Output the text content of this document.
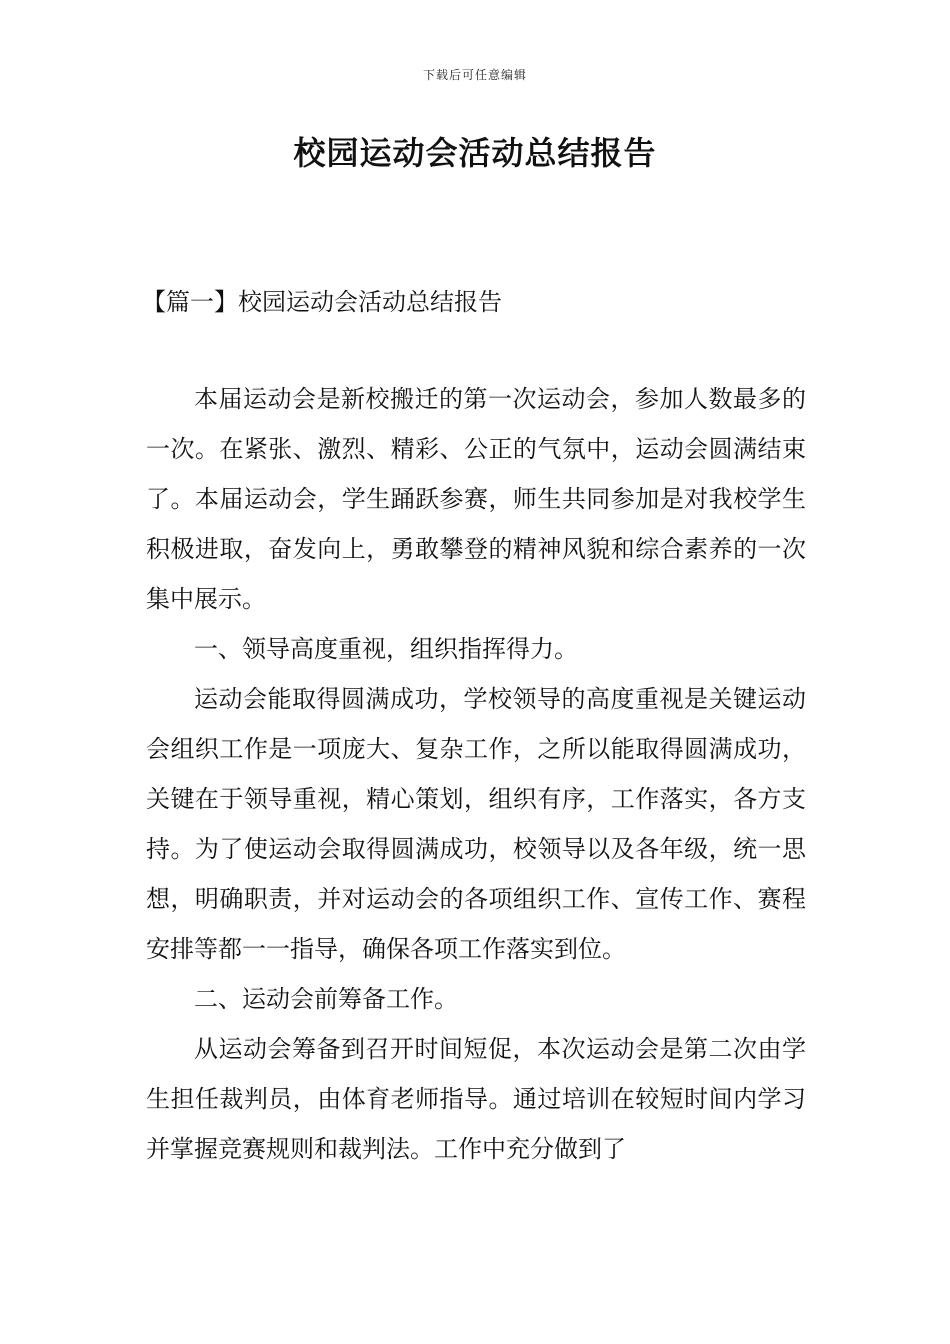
下载后可任意编辑
校园运动会活动总结报告
【篇一】校园运动会活动总结报告

本届运动会是新校搬迁的第一次运动会，参加人数最多的一次。在紧张、激烈、精彩、公正的气氛中，运动会圆满结束了。本届运动会，学生踊跃参赛，师生共同参加是对我校学生积极进取，奋发向上，勇敢攀登的精神风貌和综合素养的一次集中展示。

一、领导高度重视，组织指挥得力。

运动会能取得圆满成功，学校领导的高度重视是关键运动会组织工作是一项庞大、复杂工作，之所以能取得圆满成功，关键在于领导重视，精心策划，组织有序，工作落实，各方支持。为了使运动会取得圆满成功，校领导以及各年级，统一思想，明确职责，并对运动会的各项组织工作、宣传工作、赛程安排等都一一指导，确保各项工作落实到位。

二、运动会前筹备工作。

从运动会筹备到召开时间短促，本次运动会是第二次由学生担任裁判员，由体育老师指导。通过培训在较短时间内学习并掌握竞赛规则和裁判法。工作中充分做到了
